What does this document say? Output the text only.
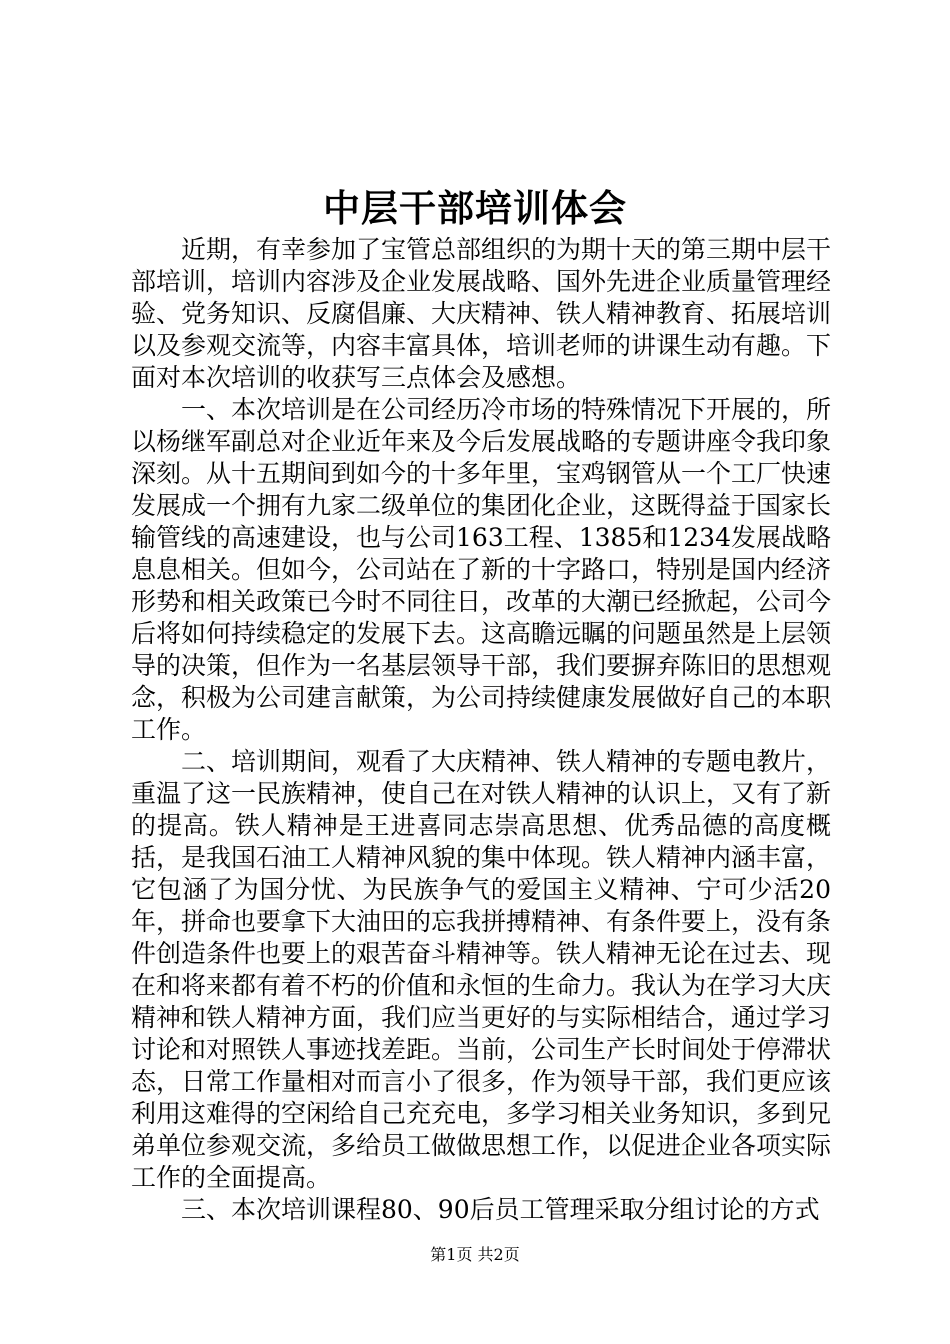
中层干部培训体会

近期，有幸参加了宝管总部组织的为期十天的第三期中层干部培训，培训内容涉及企业发展战略、国外先进企业质量管理经验、党务知识、反腐倡廉、大庆精神、铁人精神教育、拓展培训以及参观交流等，内容丰富具体，培训老师的讲课生动有趣。下面对本次培训的收获写三点体会及感想。

一、本次培训是在公司经历冷市场的特殊情况下开展的，所以杨继军副总对企业近年来及今后发展战略的专题讲座令我印象深刻。从十五期间到如今的十多年里，宝鸡钢管从一个工厂快速发展成一个拥有九家二级单位的集团化企业，这既得益于国家长输管线的高速建设，也与公司163工程、1385和1234发展战略息息相关。但如今，公司站在了新的十字路口，特别是国内经济形势和相关政策已今时不同往日，改革的大潮已经掀起，公司今后将如何持续稳定的发展下去。这高瞻远瞩的问题虽然是上层领导的决策，但作为一名基层领导干部，我们要摒弃陈旧的思想观念，积极为公司建言献策，为公司持续健康发展做好自己的本职工作。

二、培训期间，观看了大庆精神、铁人精神的专题电教片，重温了这一民族精神，使自己在对铁人精神的认识上，又有了新的提高。铁人精神是王进喜同志崇高思想、优秀品德的高度概括，是我国石油工人精神风貌的集中体现。铁人精神内涵丰富，它包涵了为国分忧、为民族争气的爱国主义精神、宁可少活20年，拼命也要拿下大油田的忘我拼搏精神、有条件要上，没有条件创造条件也要上的艰苦奋斗精神等。铁人精神无论在过去、现在和将来都有着不朽的价值和永恒的生命力。我认为在学习大庆精神和铁人精神方面，我们应当更好的与实际相结合，通过学习讨论和对照铁人事迹找差距。当前，公司生产长时间处于停滞状态，日常工作量相对而言小了很多，作为领导干部，我们更应该利用这难得的空闲给自己充充电，多学习相关业务知识，多到兄弟单位参观交流，多给员工做做思想工作，以促进企业各项实际工作的全面提高。

三、本次培训课程80、90后员工管理采取分组讨论的方式

第1页 共2页
